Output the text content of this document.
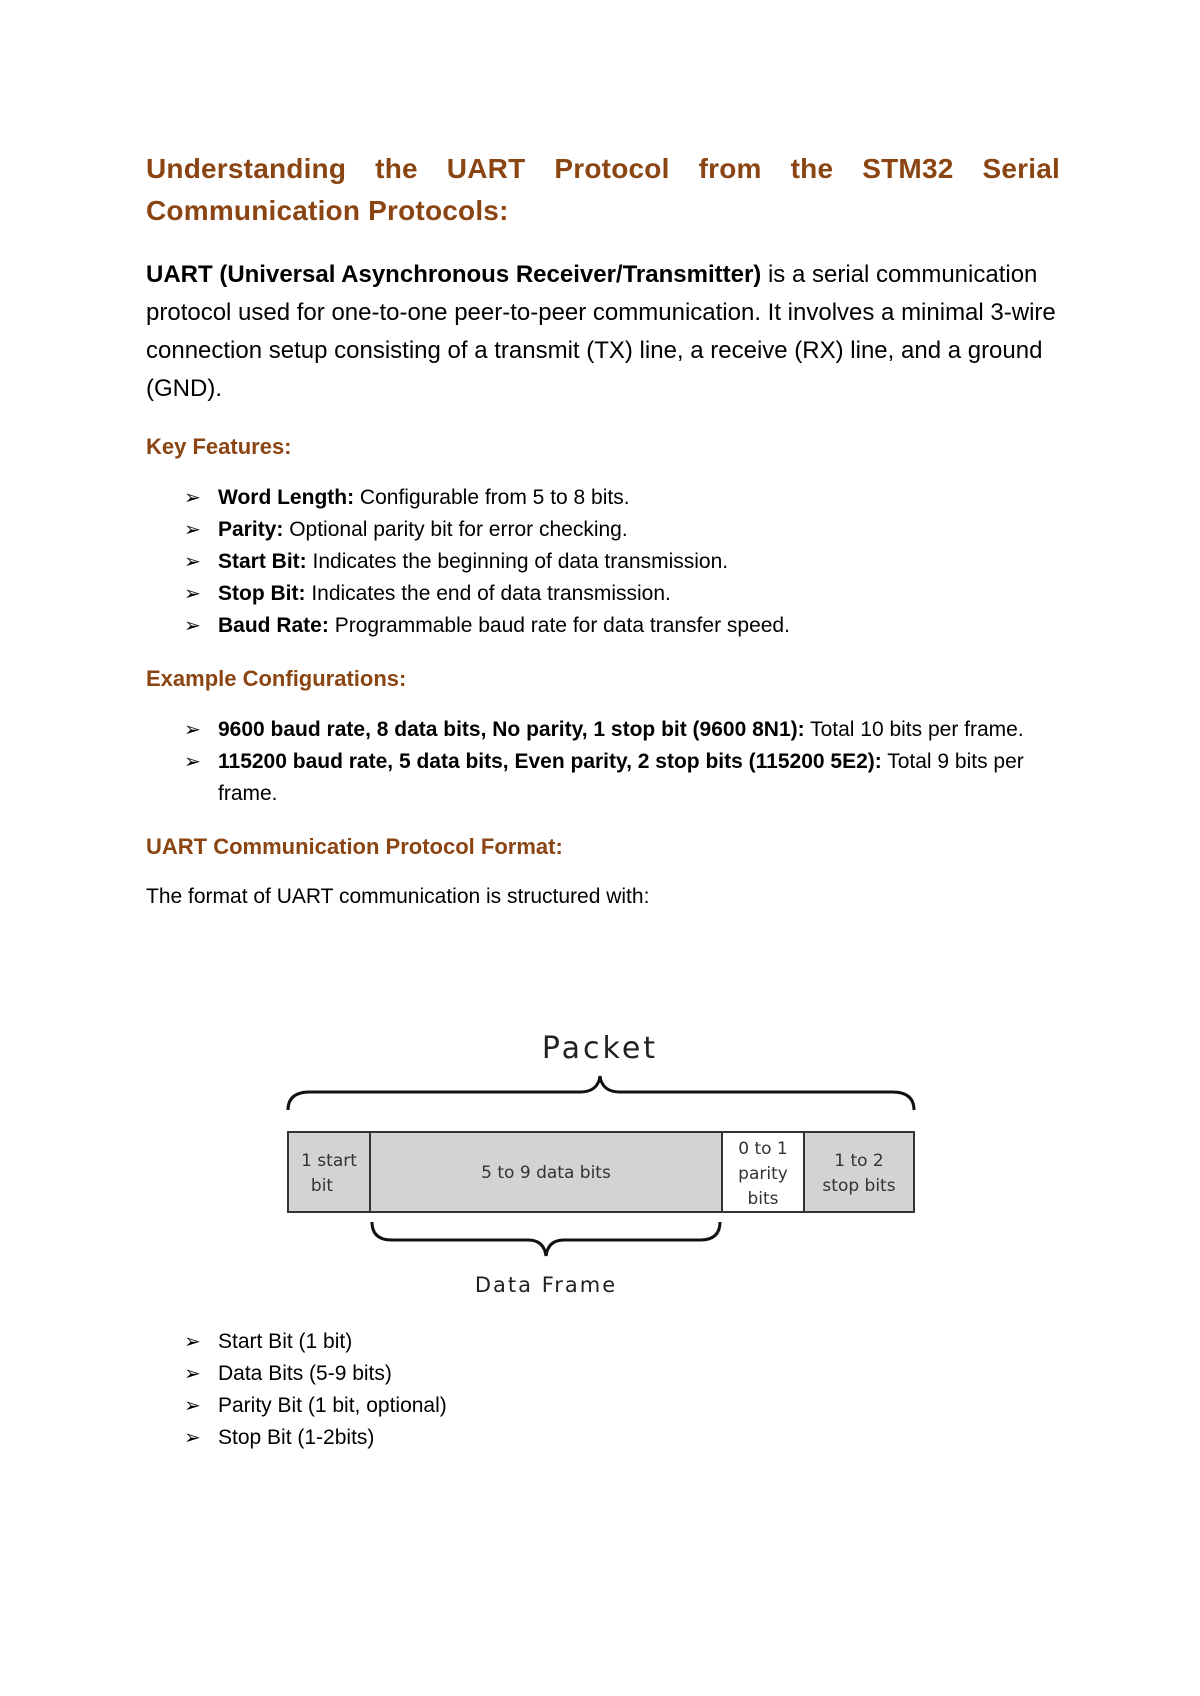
Understanding the UART Protocol from the STM32 Serial Communication Protocols:

UART (Universal Asynchronous Receiver/Transmitter) is a serial communication protocol used for one-to-one peer-to-peer communication. It involves a minimal 3-wire connection setup consisting of a transmit (TX) line, a receive (RX) line, and a ground (GND).

Key Features:
➢ Word Length: Configurable from 5 to 8 bits.
➢ Parity: Optional parity bit for error checking.
➢ Start Bit: Indicates the beginning of data transmission.
➢ Stop Bit: Indicates the end of data transmission.
➢ Baud Rate: Programmable baud rate for data transfer speed.
Example Configurations:
➢ 9600 baud rate, 8 data bits, No parity, 1 stop bit (9600 8N1): Total 10 bits per frame.
➢ 115200 baud rate, 5 data bits, Even parity, 2 stop bits (115200 5E2): Total 9 bits per frame.
UART Communication Protocol Format:

The format of UART communication is structured with:

Packet
1 start
bit
5 to 9 data bits
0 to 1
parity
bits
1 to 2
stop bits
Data Frame
➢ Start Bit (1 bit)
➢ Data Bits (5-9 bits)
➢ Parity Bit (1 bit, optional)
➢ Stop Bit (1-2bits)
